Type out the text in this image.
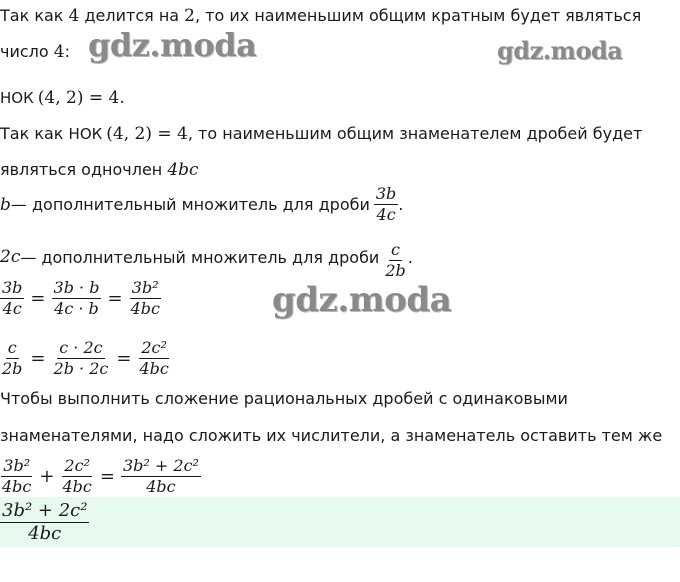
Так как 4 делится на 2, то их наименьшим общим кратным будет являться
число 4: gdz.moda	gdz.moda
НОК (4, 2) = 4.
Так как НОК (4, 2) = 4, то наименьшим общим знаменателем дробей будет
являться одночлен 4bc
b — дополнительный множитель для дроби $\frac{3b}{4c}$ .
2c — дополнительный множитель для дроби $\frac{c}{2b}$ .
gdz.moda
$\frac{3b}{4c} = \frac{3b \cdot b}{4c \cdot b} = \frac{\text{3b²}}{4bc}$
$\frac{c}{2b} = \frac{c \cdot 2c}{2b \cdot 2c} = \frac{\text{2c²}}{4bc}$
Чтобы выполнить сложение рациональных дробей с одинаковыми
знаменателями, надо сложить их числители, а знаменатель оставить тем же
$\frac{\text{3b²}}{4bc} + \frac{\text{2c²}}{4bc} = \frac{\text{3b² + 2c²}}{4bc}$
$\frac{\text{3b² + 2c²}}{4bc}$
